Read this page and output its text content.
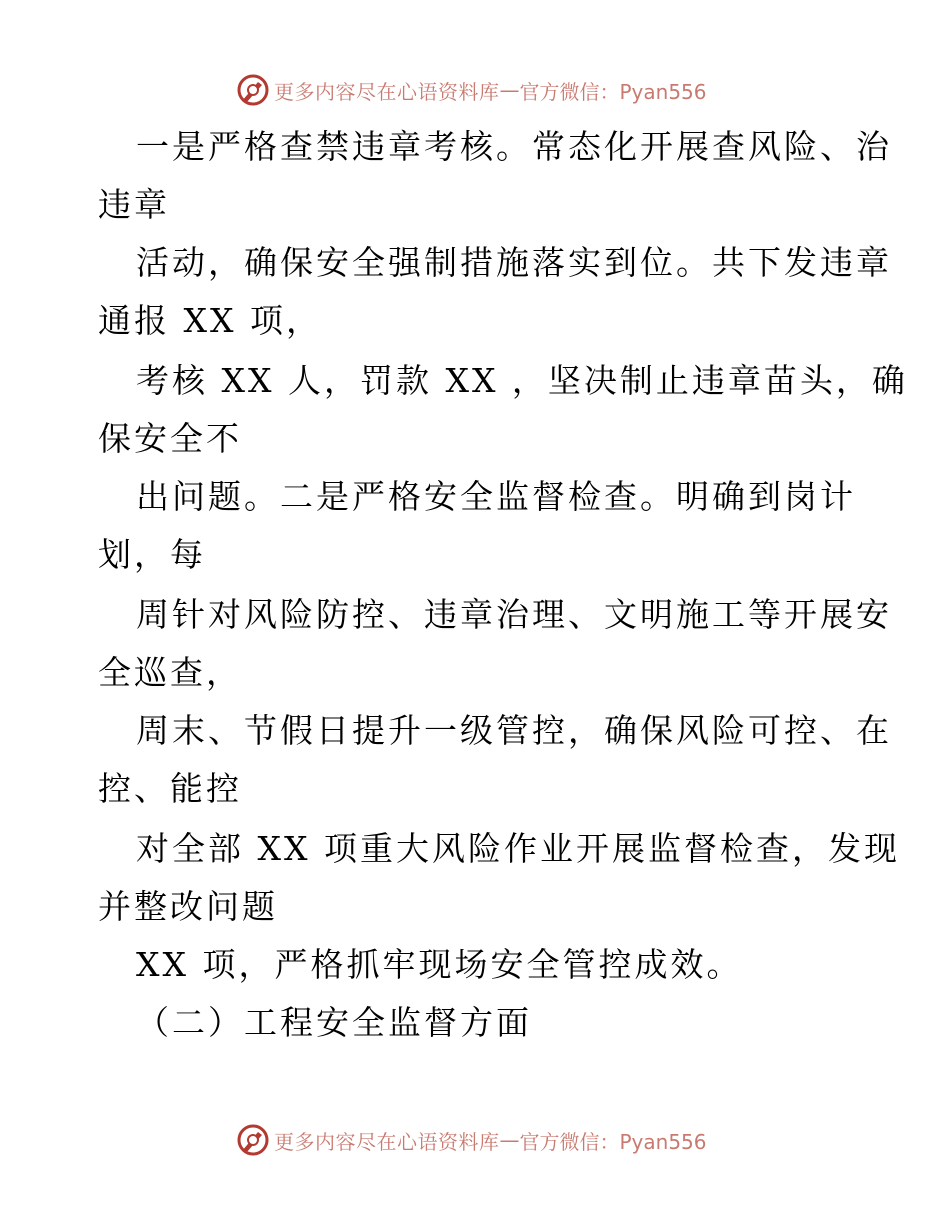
更多内容尽在心语资料库 — 官方微信：Pyan556
一是严格查禁违章考核。常态化开展查风险、治
违章
活动，确保安全强制措施落实到位。共下发违章
通报 XX 项，
考核 XX 人，罚款 XX ，坚决制止违章苗头，确
保安全不
出问题。二是严格安全监督检查。明确到岗计
划，每
周针对风险防控、违章治理、文明施工等开展安
全巡查，
周末、节假日提升一级管控，确保风险可控、在
控、能控
对全部 XX 项重大风险作业开展监督检查，发现
并整改问题
XX 项，严格抓牢现场安全管控成效。
（二）工程安全监督方面
更多内容尽在心语资料库 — 官方微信：Pyan556
